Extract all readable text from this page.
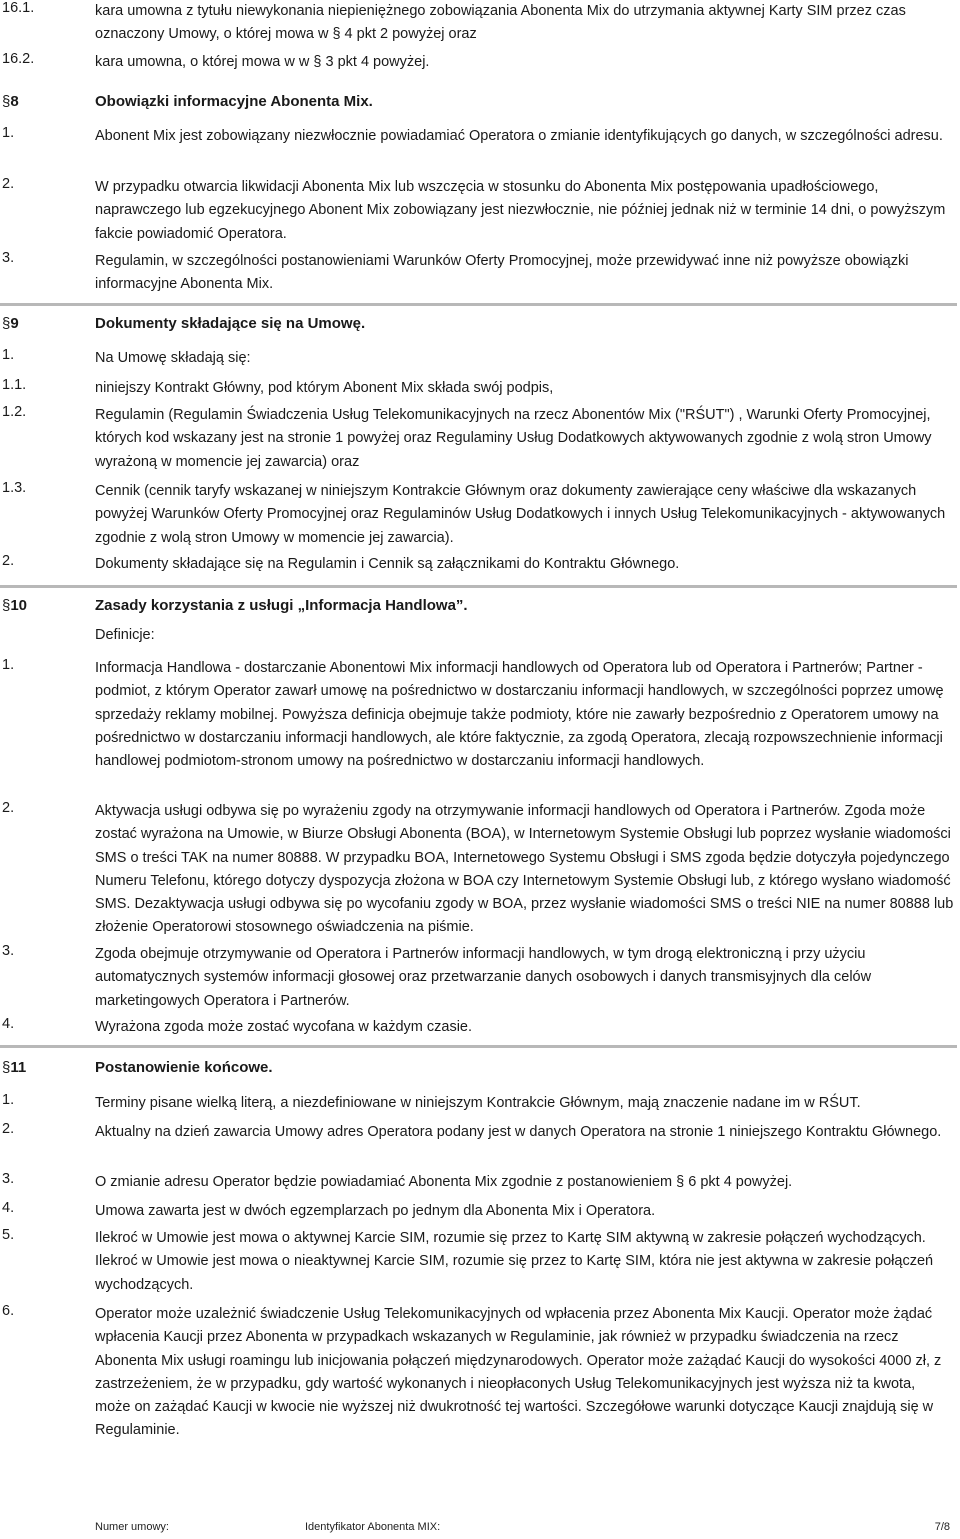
16.1.	kara umowna z tytułu niewykonania niepieniężnego zobowiązania Abonenta Mix do utrzymania aktywnej Karty SIM przez czas oznaczony Umowy, o której mowa w § 4 pkt 2 powyżej oraz
16.2.	kara umowna, o której mowa w w § 3 pkt 4 powyżej.
§8	Obowiązki informacyjne Abonenta Mix.
1.	Abonent Mix jest zobowiązany niezwłocznie powiadamiać Operatora o zmianie identyfikujących go danych, w szczególności adresu.
2.	W przypadku otwarcia likwidacji Abonenta Mix lub wszczęcia w stosunku do Abonenta Mix postępowania upadłościowego, naprawczego lub egzekucyjnego Abonent Mix zobowiązany jest niezwłocznie, nie później jednak niż w terminie 14 dni, o powyższym fakcie powiadomić Operatora.
3.	Regulamin, w szczególności postanowieniami Warunków Oferty Promocyjnej, może przewidywać inne niż powyższe obowiązki informacyjne Abonenta Mix.
§9	Dokumenty składające się na Umowę.
1.	Na Umowę składają się:
1.1.	niniejszy Kontrakt Główny, pod którym Abonent Mix składa swój podpis,
1.2.	Regulamin (Regulamin Świadczenia Usług Telekomunikacyjnych na rzecz Abonentów Mix ("RŚUT") , Warunki Oferty Promocyjnej, których kod wskazany jest na stronie 1 powyżej oraz Regulaminy Usług Dodatkowych aktywowanych zgodnie z wolą stron Umowy wyrażoną w momencie jej zawarcia) oraz
1.3.	Cennik (cennik taryfy wskazanej w niniejszym Kontrakcie Głównym oraz dokumenty zawierające ceny właściwe dla wskazanych powyżej Warunków Oferty Promocyjnej oraz Regulaminów Usług Dodatkowych i innych Usług Telekomunikacyjnych - aktywowanych zgodnie z wolą stron Umowy w momencie jej zawarcia).
2.	Dokumenty składające się na Regulamin i Cennik są załącznikami do Kontraktu Głównego.
§10	Zasady korzystania z usługi „Informacja Handlowa”.
Definicje:
1.	Informacja Handlowa - dostarczanie Abonentowi Mix informacji handlowych od Operatora lub od Operatora i Partnerów; Partner - podmiot, z którym Operator zawarł umowę na pośrednictwo w dostarczaniu informacji handlowych, w szczególności poprzez umowę sprzedaży reklamy mobilnej. Powyższa definicja obejmuje także podmioty, które nie zawarły bezpośrednio z Operatorem umowy na pośrednictwo w dostarczaniu informacji handlowych, ale które faktycznie, za zgodą Operatora, zlecają rozpowszechnienie informacji handlowej podmiotom-stronom umowy na pośrednictwo w dostarczaniu informacji handlowych.
2.	Aktywacja usługi odbywa się po wyrażeniu zgody na otrzymywanie informacji handlowych od Operatora i Partnerów. Zgoda może zostać wyrażona na Umowie, w Biurze Obsługi Abonenta (BOA), w Internetowym Systemie Obsługi lub poprzez wysłanie wiadomości SMS o treści TAK na numer 80888. W przypadku BOA, Internetowego Systemu Obsługi i SMS zgoda będzie dotyczyła pojedynczego Numeru Telefonu, którego dotyczy dyspozycja złożona w BOA czy Internetowym Systemie Obsługi lub, z którego wysłano wiadomość SMS. Dezaktywacja usługi odbywa się po wycofaniu zgody w BOA, przez wysłanie wiadomości SMS o treści NIE na numer 80888 lub złożenie Operatorowi stosownego oświadczenia na piśmie.
3.	Zgoda obejmuje otrzymywanie od Operatora i Partnerów informacji handlowych, w tym drogą elektroniczną i przy użyciu automatycznych systemów informacji głosowej oraz przetwarzanie danych osobowych i danych transmisyjnych dla celów marketingowych Operatora i Partnerów.
4.	Wyrażona zgoda może zostać wycofana w każdym czasie.
§11	Postanowienie końcowe.
1.	Terminy pisane wielką literą, a niezdefiniowane w niniejszym Kontrakcie Głównym, mają znaczenie nadane im w RŚUT.
2.	Aktualny na dzień zawarcia Umowy adres Operatora podany jest w danych Operatora na stronie 1 niniejszego Kontraktu Głównego.
3.	O zmianie adresu Operator będzie powiadamiać Abonenta Mix zgodnie z postanowieniem § 6 pkt 4 powyżej.
4.	Umowa zawarta jest w dwóch egzemplarzach po jednym dla Abonenta Mix i Operatora.
5.	Ilekroć w Umowie jest mowa o aktywnej Karcie SIM, rozumie się przez to Kartę SIM aktywną w zakresie połączeń wychodzących. Ilekroć w Umowie jest mowa o nieaktywnej Karcie SIM, rozumie się przez to Kartę SIM, która nie jest aktywna w zakresie połączeń wychodzących.
6.	Operator może uzależnić świadczenie Usług Telekomunikacyjnych od wpłacenia przez Abonenta Mix Kaucji. Operator może żądać wpłacenia Kaucji przez Abonenta w przypadkach wskazanych w Regulaminie, jak również w przypadku świadczenia na rzecz Abonenta Mix usługi roamingu lub inicjowania połączeń międzynarodowych. Operator może zażądać Kaucji do wysokości 4000 zł, z zastrzeżeniem, że w przypadku, gdy wartość wykonanych i nieopłaconych Usług Telekomunikacyjnych jest wyższa niż ta kwota, może on zażądać Kaucji w kwocie nie wyższej niż dwukrotność tej wartości. Szczegółowe warunki dotyczące Kaucji znajdują się w Regulaminie.
Numer umowy:	Identyfikator Abonenta MIX:	7/8
